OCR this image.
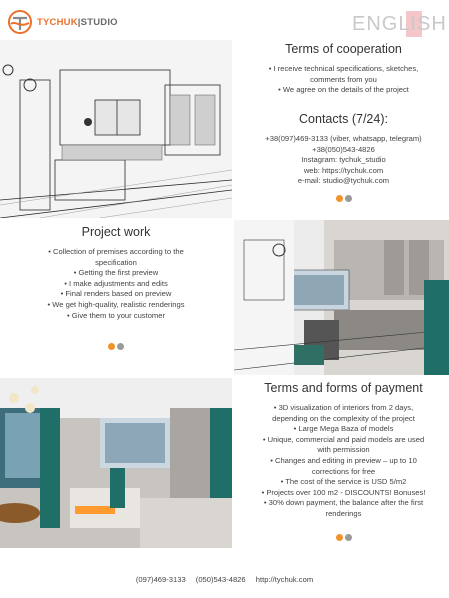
TYCHUK|STUDIO	ENGLISH
Terms of cooperation
• I receive technical specifications, sketches,
comments from you
• We agree on the details of the project
Contacts (7/24):
+38(097)469-3133 (viber, whatsapp, telegram)
+38(050)543-4826
Instagram: tychuk_studio
web: https://tychuk.com
e-mail: studio@tychuk.com
Project work
• Collection of premises according to the
specification
• Getting the first preview
• I make adjustments and edits
• Final renders based on preview
• We get high-quality, realistic renderings
• Give them to your customer
Terms and forms of payment
• 3D visualization of interiors from 2 days,
depending on the complexity of the project
• Large Mega Baza of models
• Unique, commercial and paid models are used
with permission
• Changes and editing in preview – up to 10
corrections for free
• The cost of the service is USD 5/m2
• Projects over 100 m2 - DISCOUNTS! Bonuses!
• 30% down payment, the balance after the first
renderings
(097)469-3133 (050)543-4826 http://tychuk.com
